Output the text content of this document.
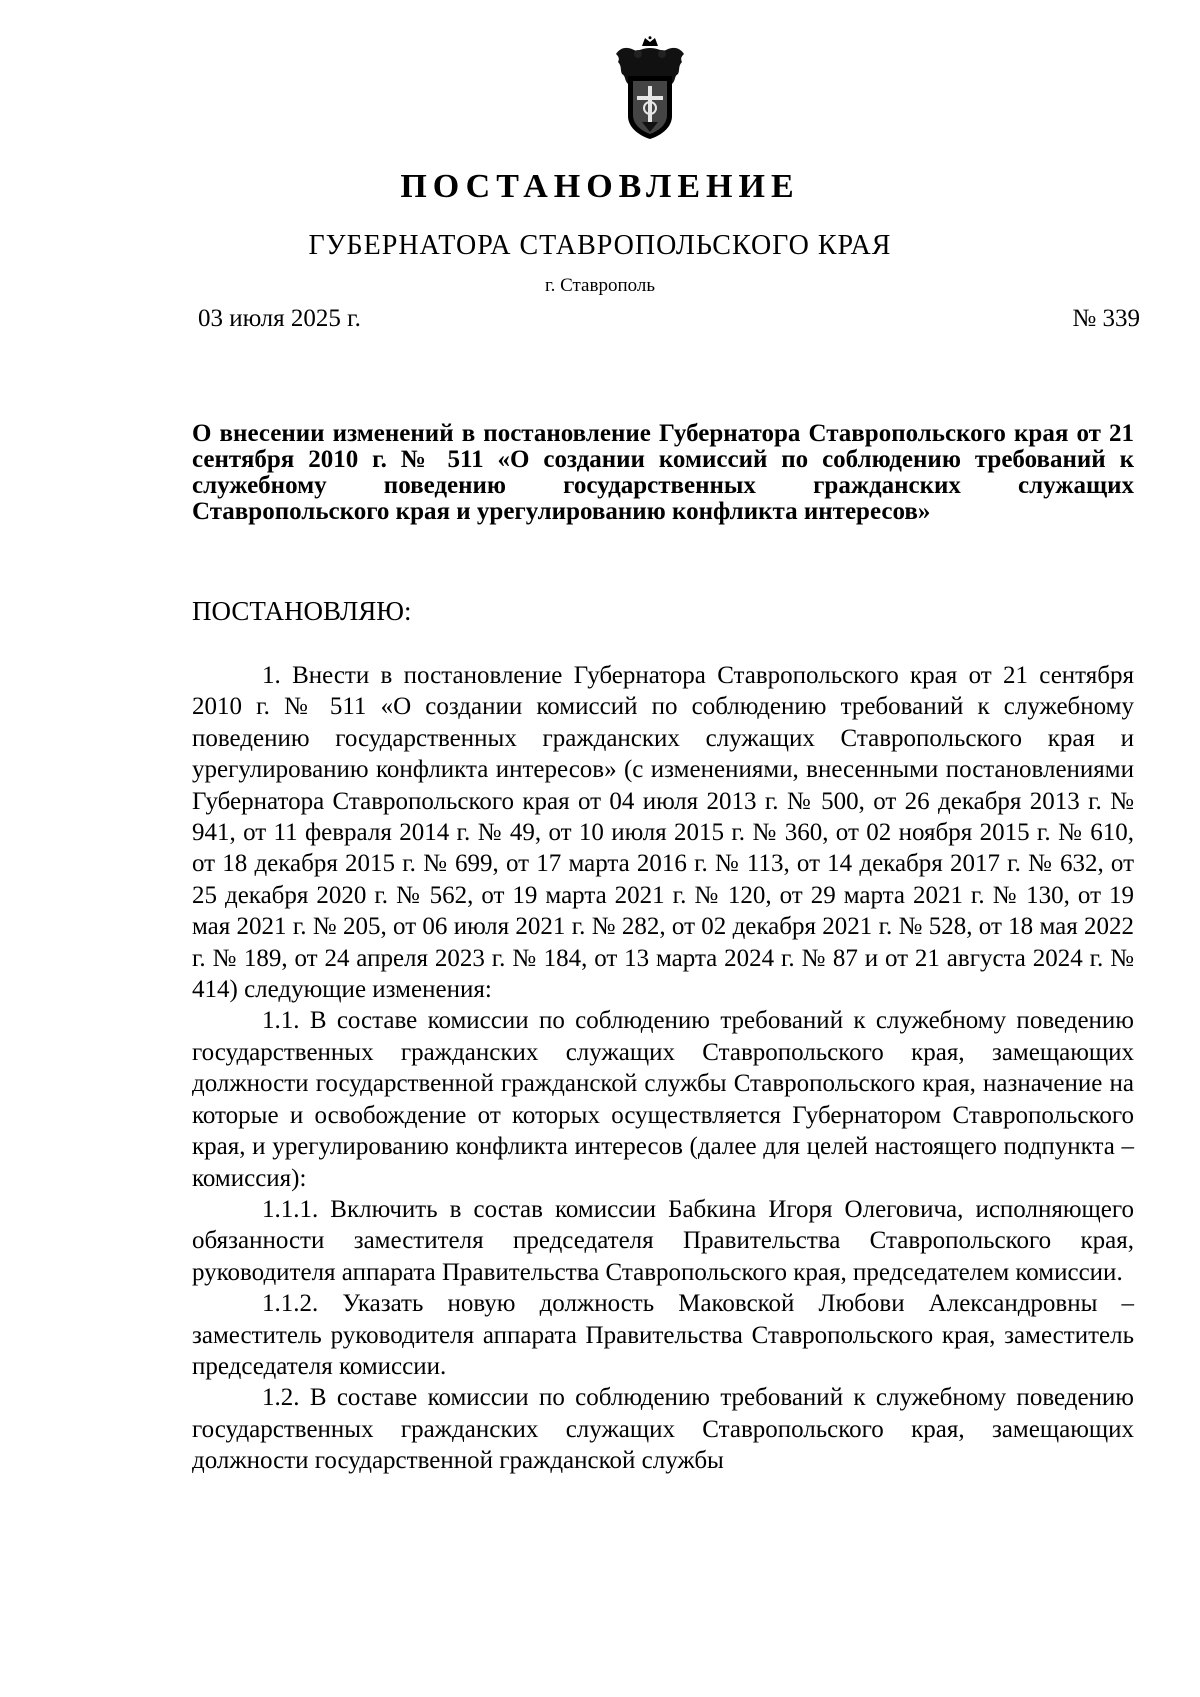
ПОСТАНОВЛЕНИЕ
ГУБЕРНАТОРА СТАВРОПОЛЬСКОГО КРАЯ
г. Ставрополь
03 июля 2025 г.	№ 339
О внесении изменений в постановление Губернатора Ставропольского края от 21 сентября 2010 г. № 511 «О создании комиссий по соблюдению требований к служебному поведению государственных гражданских служащих Ставропольского края и урегулированию конфликта интересов»
ПОСТАНОВЛЯЮ:

1. Внести в постановление Губернатора Ставропольского края от 21 сентября 2010 г. № 511 «О создании комиссий по соблюдению требований к служебному поведению государственных гражданских служащих Ставропольского края и урегулированию конфликта интересов» (с изменениями, внесенными постановлениями Губернатора Ставропольского края от 04 июля 2013 г. № 500, от 26 декабря 2013 г. № 941, от 11 февраля 2014 г. № 49, от 10 июля 2015 г. № 360, от 02 ноября 2015 г. № 610, от 18 декабря 2015 г. № 699, от 17 марта 2016 г. № 113, от 14 декабря 2017 г. № 632, от 25 декабря 2020 г. № 562, от 19 марта 2021 г. № 120, от 29 марта 2021 г. № 130, от 19 мая 2021 г. № 205, от 06 июля 2021 г. № 282, от 02 декабря 2021 г. № 528, от 18 мая 2022 г. № 189, от 24 апреля 2023 г. № 184, от 13 марта 2024 г. № 87 и от 21 августа 2024 г. № 414) следующие изменения:

1.1. В составе комиссии по соблюдению требований к служебному поведению государственных гражданских служащих Ставропольского края, замещающих должности государственной гражданской службы Ставропольского края, назначение на которые и освобождение от которых осуществляется Губернатором Ставропольского края, и урегулированию конфликта интересов (далее для целей настоящего подпункта – комиссия):

1.1.1. Включить в состав комиссии Бабкина Игоря Олеговича, исполняющего обязанности заместителя председателя Правительства Ставропольского края, руководителя аппарата Правительства Ставропольского края, председателем комиссии.

1.1.2. Указать новую должность Маковской Любови Александровны – заместитель руководителя аппарата Правительства Ставропольского края, заместитель председателя комиссии.

1.2. В составе комиссии по соблюдению требований к служебному поведению государственных гражданских служащих Ставропольского края, замещающих должности государственной гражданской службы
